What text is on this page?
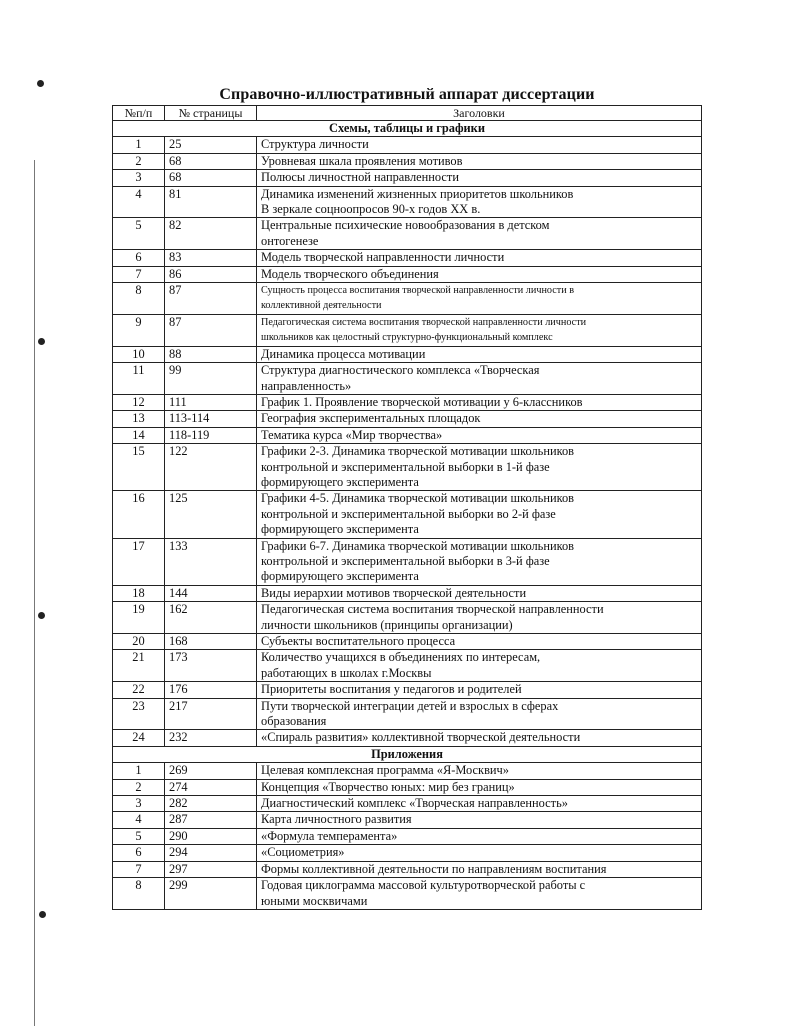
Справочно-иллюстративный аппарат диссертации
№п/п	№ страницы	Заголовки
Схемы, таблицы и графики		
1	25	Структура личности

2	68	Уровневая шкала проявления мотивов

3	68	Полюсы личностной направленности

4	81	Динамика изменений жизненных приоритетов школьников
В зеркале соцноопросов 90-х годов XX в.

5	82	Центральные психические новообразования в детском
онтогенезе

6	83	Модель творческой направленности личности

7	86	Модель творческого объединения

8	87	Сущность процесса воспитания творческой направленности личности в
коллективной деятельности

9	87	Педагогическая система воспитания творческой направленности личности
школьников как целостный структурно-функциональный комплекс

10	88	Динамика процесса мотивации

11	99	Структура диагностического комплекса «Творческая
направленность»

12	111	График 1. Проявление творческой мотивации у 6-классников

13	113-114	География экспериментальных площадок

14	118-119	Тематика курса «Мир творчества»

15	122	Графики 2-3. Динамика творческой мотивации школьников
контрольной и экспериментальной выборки в 1-й фазе
формирующего эксперимента

16	125	Графики 4-5. Динамика творческой мотивации школьников
контрольной и экспериментальной выборки во 2-й фазе
формирующего эксперимента

17	133	Графики 6-7. Динамика творческой мотивации школьников
контрольной и экспериментальной выборки в 3-й фазе
формирующего эксперимента

18	144	Виды иерархии мотивов творческой деятельности

19	162	Педагогическая система воспитания творческой направленности
личности школьников (принципы организации)

20	168	Субъекты воспитательного процесса

21	173	Количество учащихся в объединениях по интересам,
работающих в школах г.Москвы

22	176	Приоритеты воспитания у педагогов и родителей

23	217	Пути творческой интеграции детей и взрослых в сферах
образования

24	232	«Спираль развития» коллективной творческой деятельности

Приложения		
1	269	Целевая комплексная программа «Я-Москвич»

2	274	Концепция «Творчество юных: мир без границ»

3	282	Диагностический комплекс «Творческая направленность»

4	287	Карта личностного развития

5	290	«Формула темперамента»

6	294	«Социометрия»

7	297	Формы коллективной деятельности по направлениям воспитания

8	299	Годовая циклограмма массовой культуротворческой работы с
юными москвичами
